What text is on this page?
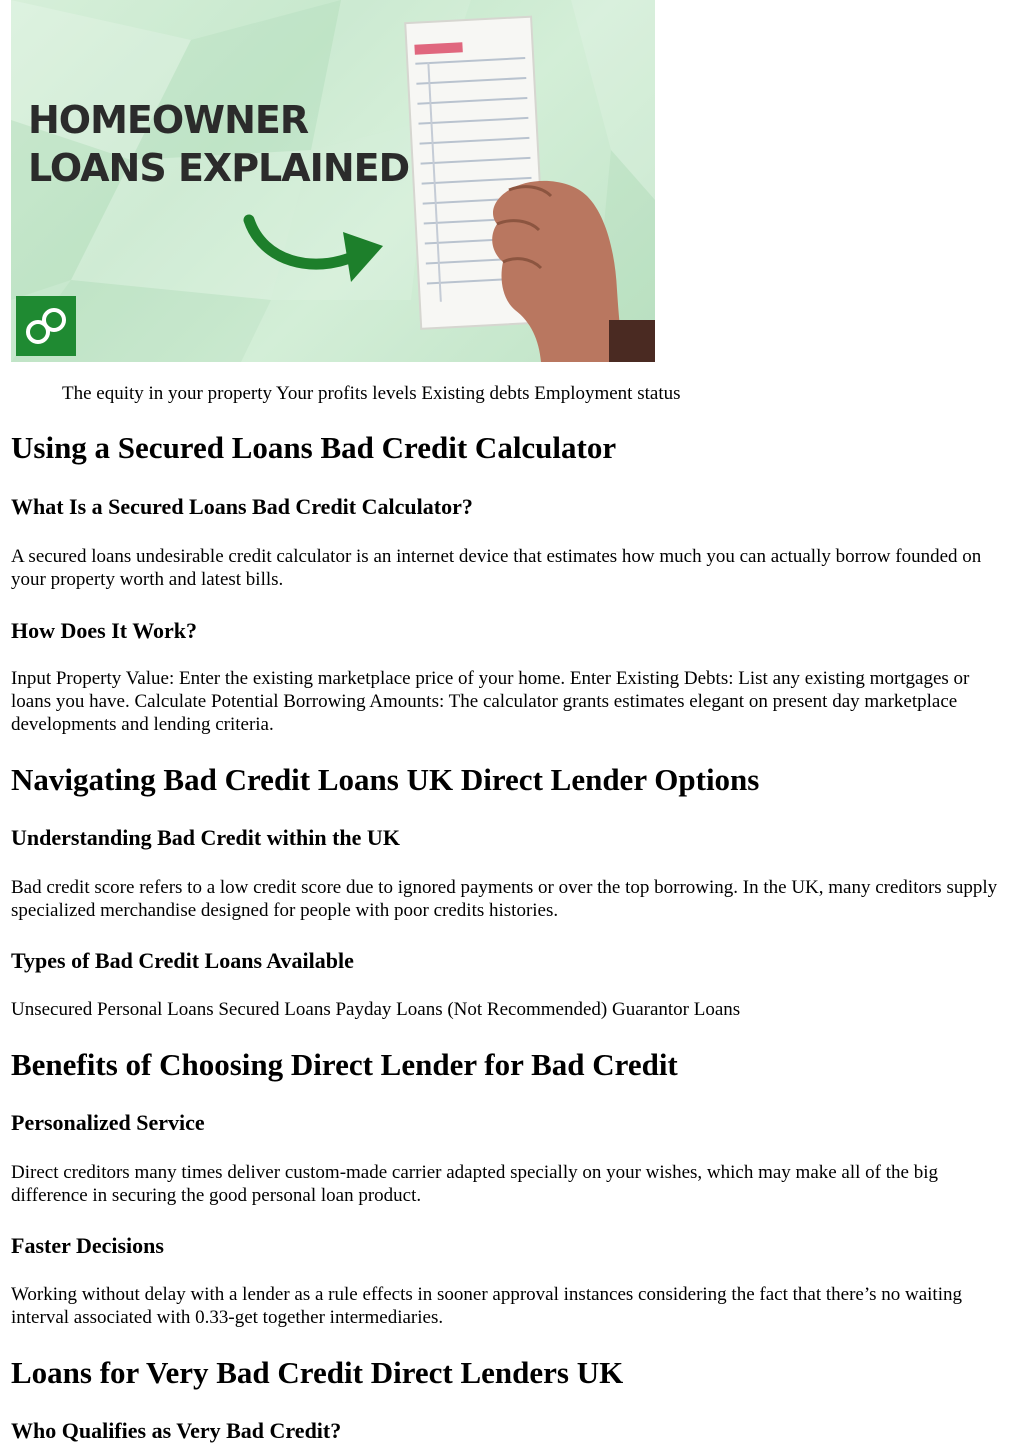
HOMEOWNER
LOANS EXPLAINED

The equity in your property Your profits levels Existing debts Employment status

Using a Secured Loans Bad Credit Calculator
What Is a Secured Loans Bad Credit Calculator?

A secured loans undesirable credit calculator is an internet device that estimates how much you can actually borrow founded on your property worth and latest bills.

How Does It Work?

Input Property Value: Enter the existing marketplace price of your home. Enter Existing Debts: List any existing mortgages or loans you have. Calculate Potential Borrowing Amounts: The calculator grants estimates elegant on present day marketplace developments and lending criteria.

Navigating Bad Credit Loans UK Direct Lender Options
Understanding Bad Credit within the UK

Bad credit score refers to a low credit score due to ignored payments or over the top borrowing. In the UK, many creditors supply specialized merchandise designed for people with poor credits histories.

Types of Bad Credit Loans Available

Unsecured Personal Loans Secured Loans Payday Loans (Not Recommended) Guarantor Loans

Benefits of Choosing Direct Lender for Bad Credit
Personalized Service

Direct creditors many times deliver custom-made carrier adapted specially on your wishes, which may make all of the big difference in securing the good personal loan product.

Faster Decisions

Working without delay with a lender as a rule effects in sooner approval instances considering the fact that there’s no waiting interval associated with 0.33-get together intermediaries.

Loans for Very Bad Credit Direct Lenders UK
Who Qualifies as Very Bad Credit?
